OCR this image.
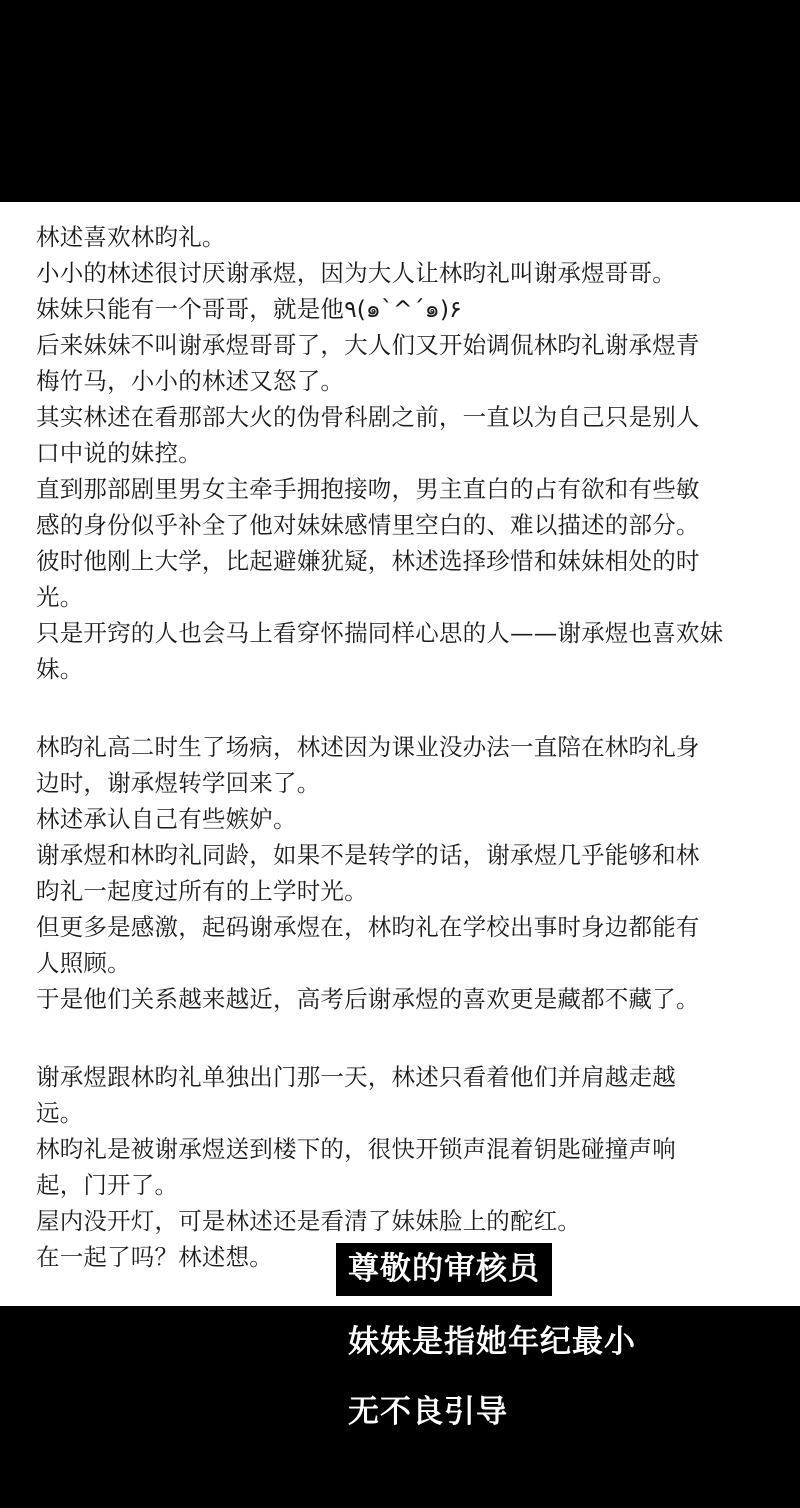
林述喜欢林昀礼。
小小的林述很讨厌谢承煜，因为大人让林昀礼叫谢承煜哥哥。
妹妹只能有一个哥哥，就是他٩(๑`^´๑)۶
后来妹妹不叫谢承煜哥哥了，大人们又开始调侃林昀礼谢承煜青
梅竹马，小小的林述又怒了。
其实林述在看那部大火的伪骨科剧之前，一直以为自己只是别人
口中说的妹控。
直到那部剧里男女主牵手拥抱接吻，男主直白的占有欲和有些敏
感的身份似乎补全了他对妹妹感情里空白的、难以描述的部分。
彼时他刚上大学，比起避嫌犹疑，林述选择珍惜和妹妹相处的时
光。
只是开窍的人也会马上看穿怀揣同样心思的人——谢承煜也喜欢妹
妹。
林昀礼高二时生了场病，林述因为课业没办法一直陪在林昀礼身
边时，谢承煜转学回来了。
林述承认自己有些嫉妒。
谢承煜和林昀礼同龄，如果不是转学的话，谢承煜几乎能够和林
昀礼一起度过所有的上学时光。
但更多是感激，起码谢承煜在，林昀礼在学校出事时身边都能有
人照顾。
于是他们关系越来越近，高考后谢承煜的喜欢更是藏都不藏了。
谢承煜跟林昀礼单独出门那一天，林述只看着他们并肩越走越
远。
林昀礼是被谢承煜送到楼下的，很快开锁声混着钥匙碰撞声响
起，门开了。
屋内没开灯，可是林述还是看清了妹妹脸上的酡红。
在一起了吗？林述想。	尊敬的审核员
妹妹是指她年纪最小
无不良引导
